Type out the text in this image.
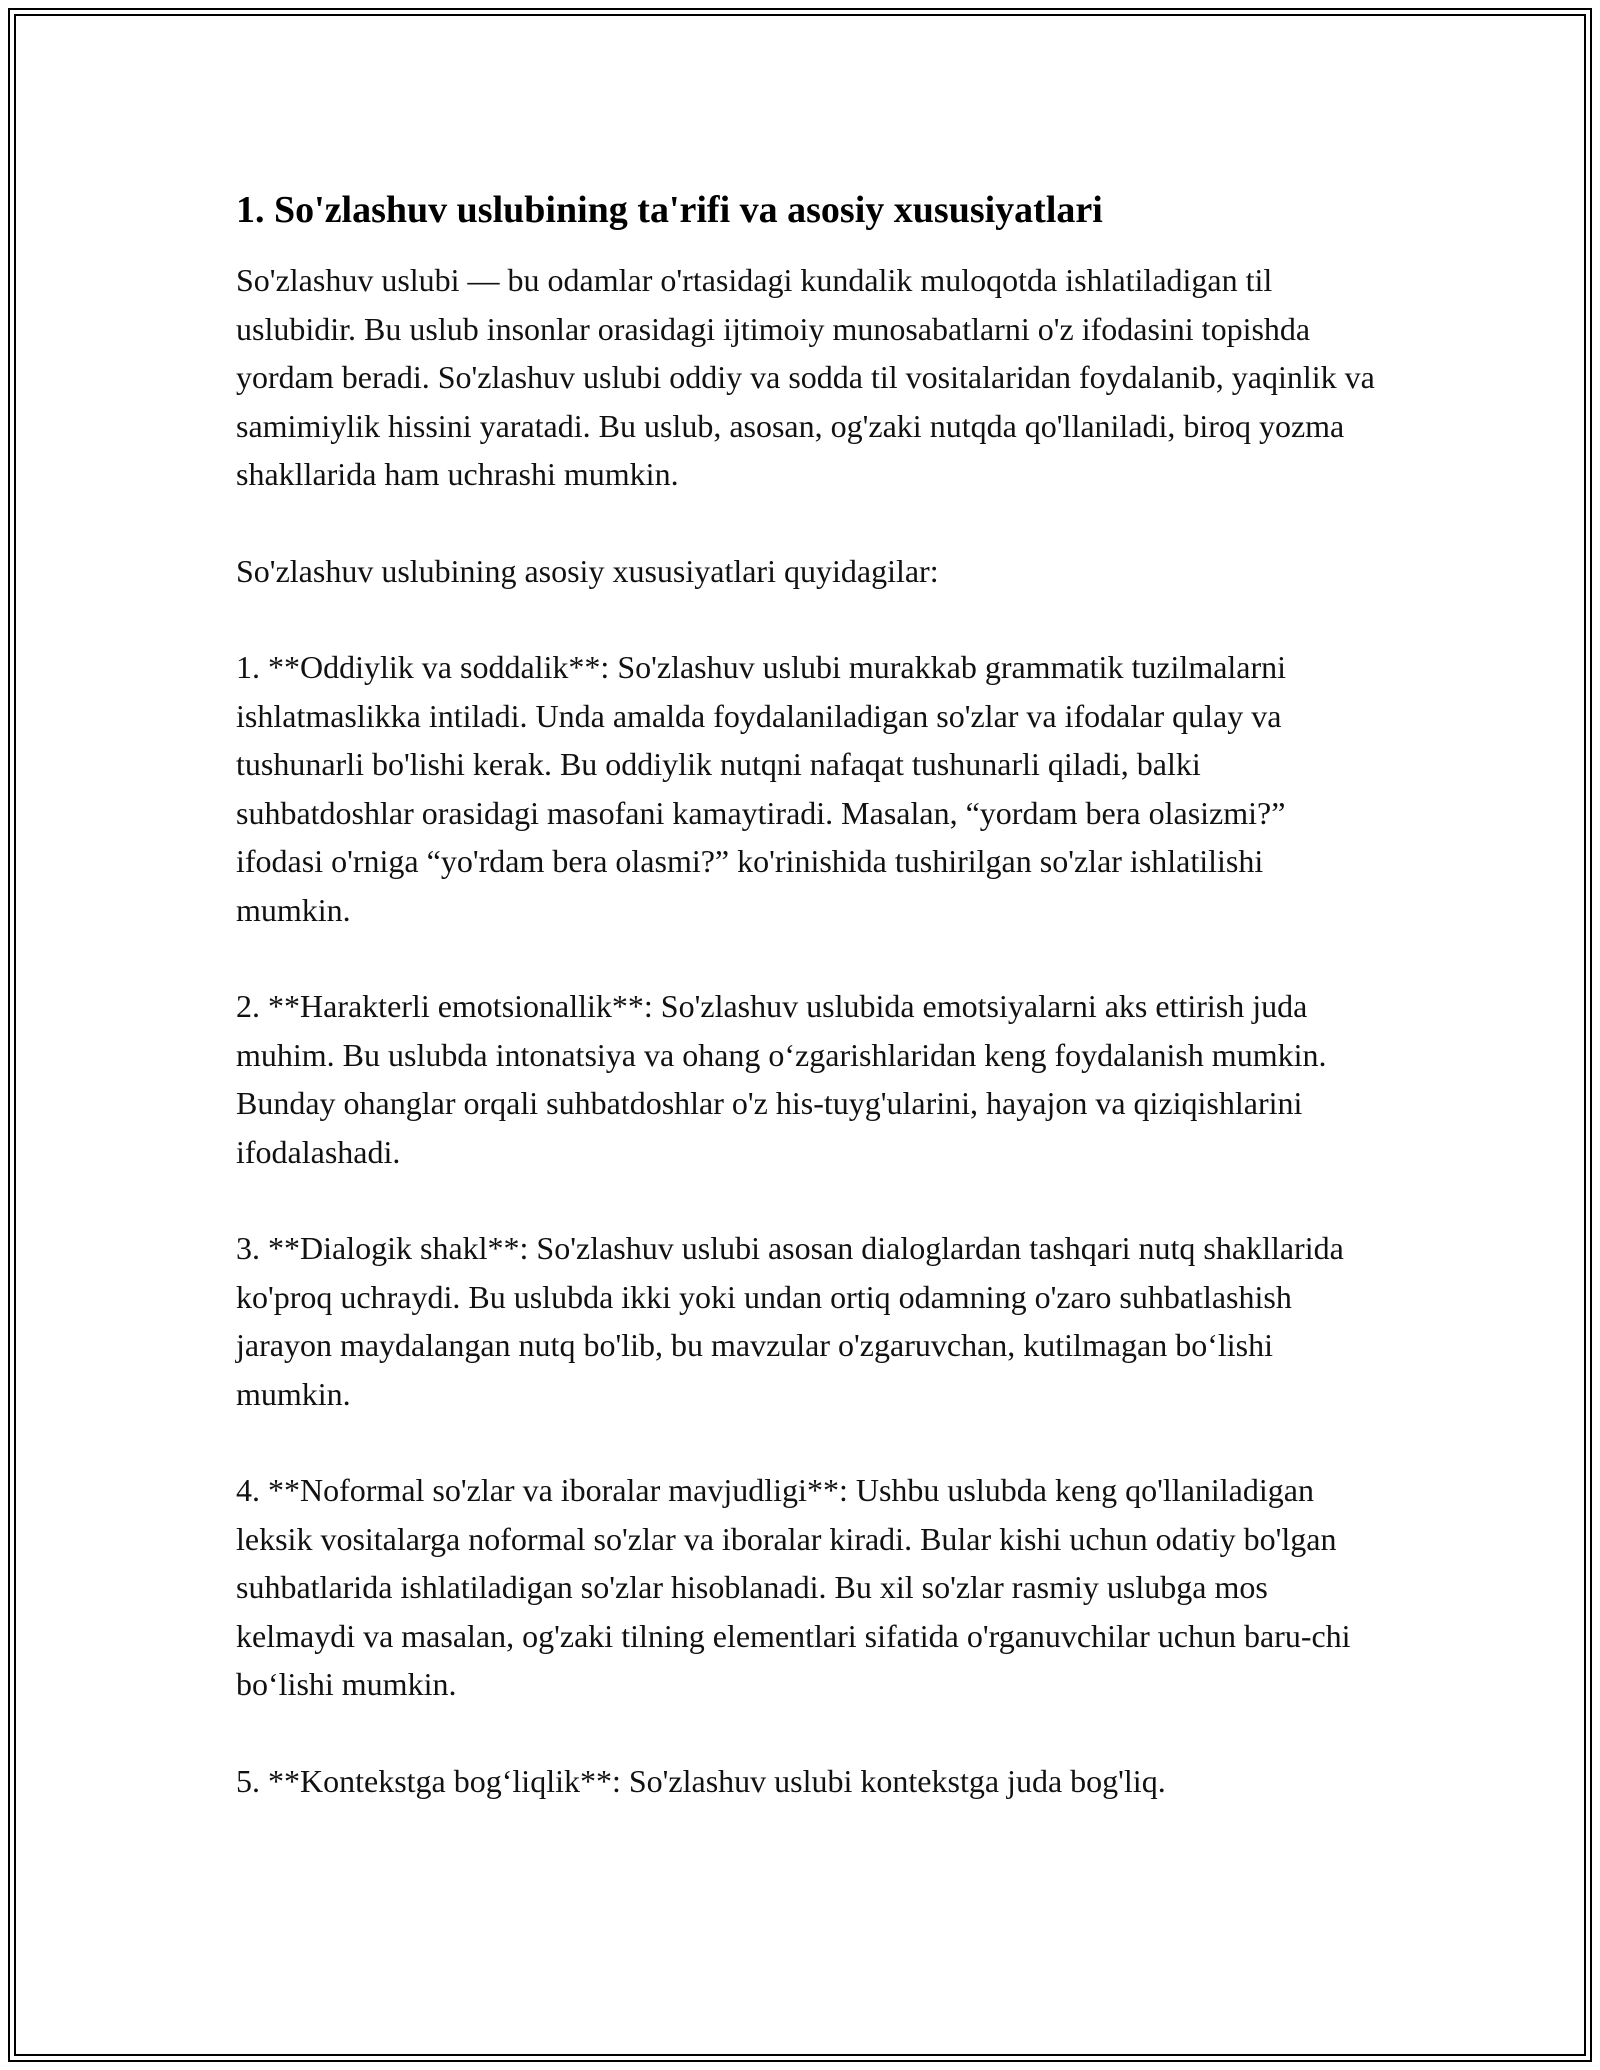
1. So'zlashuv uslubining ta'rifi va asosiy xususiyatlari

So'zlashuv uslubi — bu odamlar o'rtasidagi kundalik muloqotda ishlatiladigan til uslubidir. Bu uslub insonlar orasidagi ijtimoiy munosabatlarni o'z ifodasini topishda yordam beradi. So'zlashuv uslubi oddiy va sodda til vositalaridan foydalanib, yaqinlik va samimiylik hissini yaratadi. Bu uslub, asosan, og'zaki nutqda qo'llaniladi, biroq yozma shakllarida ham uchrashi mumkin.

So'zlashuv uslubining asosiy xususiyatlari quyidagilar:

1. **Oddiylik va soddalik**: So'zlashuv uslubi murakkab grammatik tuzilmalarni ishlatmaslikka intiladi. Unda amalda foydalaniladigan so'zlar va ifodalar qulay va tushunarli bo'lishi kerak. Bu oddiylik nutqni nafaqat tushunarli qiladi, balki suhbatdoshlar orasidagi masofani kamaytiradi. Masalan, “yordam bera olasizmi?” ifodasi o'rniga “yo'rdam bera olasmi?” ko'rinishida tushirilgan so'zlar ishlatilishi mumkin.

2. **Harakterli emotsionallik**: So'zlashuv uslubida emotsiyalarni aks ettirish juda muhim. Bu uslubda intonatsiya va ohang o‘zgarishlaridan keng foydalanish mumkin. Bunday ohanglar orqali suhbatdoshlar o'z his-tuyg'ularini, hayajon va qiziqishlarini ifodalashadi.

3. **Dialogik shakl**: So'zlashuv uslubi asosan dialoglardan tashqari nutq shakllarida ko'proq uchraydi. Bu uslubda ikki yoki undan ortiq odamning o'zaro suhbatlashish jarayon maydalangan nutq bo'lib, bu mavzular o'zgaruvchan, kutilmagan bo‘lishi mumkin.

4. **Noformal so'zlar va iboralar mavjudligi**: Ushbu uslubda keng qo'llaniladigan leksik vositalarga noformal so'zlar va iboralar kiradi. Bular kishi uchun odatiy bo'lgan suhbatlarida ishlatiladigan so'zlar hisoblanadi. Bu xil so'zlar rasmiy uslubga mos kelmaydi va masalan, og'zaki tilning elementlari sifatida o'rganuvchilar uchun baru-chi bo‘lishi mumkin.

5. **Kontekstga bog‘liqlik**: So'zlashuv uslubi kontekstga juda bog'liq.
